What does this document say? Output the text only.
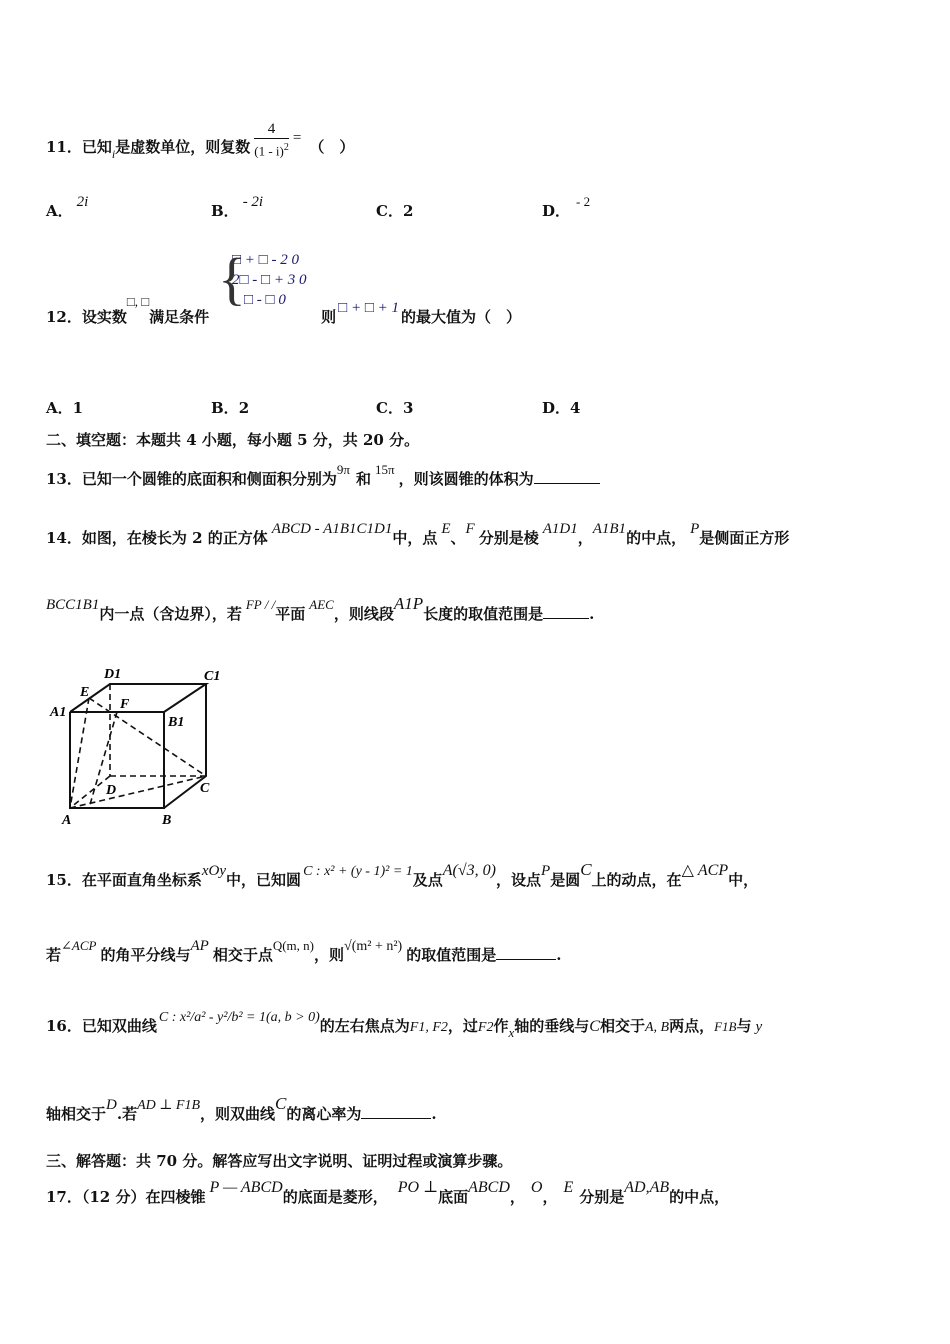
11．已知$_i$是虚数单位，则复数 $\frac{4}{(1 - i)^2}$ = （　）
A． 2i	B． - 2i	C．2	D．- 2
{
□ + □ - 2 0
2□ - □ + 3 0
□ - □ 0
12．设实数□, □满足条件	则 □ + □ + 1 的最大值为（　）
A．1	B．2	C．3	D．4
二、填空题：本题共 4 小题，每小题 5 分，共 20 分。
13．已知一个圆锥的底面积和侧面积分别为9π和15π，则该圆锥的体积为
14．如图，在棱长为 2 的正方体 ABCD - A1B1C1D1中，点 E、F 分别是棱 A1D1，A1B1的中点， P是侧面正方形
BCC1B1内一点（含边界），若FP / /平面AEC，则线段A1P长度的取值范围是	.
D1	C1
E
F
A1
B1
D	C
A	B
15．在平面直角坐标系xOy中，已知圆 C : x² + (y - 1)² = 1及点A(√3, 0)，设点P是圆C上的动点，在△ ACP中，
若∠ACP的角平分线与AP 相交于点Q(m, n)，则√(m² + n²) 的取值范围是	.
16．已知双曲线 C : x²/a² - y²/b² = 1(a, b > 0)的左右焦点为F1, F2，过F2作x轴的垂线与C相交于A, B两点，F1B与 y
轴相交于D.若AD ⊥ F1B，则双曲线C的离心率为	.
三、解答题：共 70 分。解答应写出文字说明、证明过程或演算步骤。
17．（12 分）在四棱锥P — ABCD的底面是菱形，PO ⊥底面ABCD，O，E分别是AD,AB的中点，
